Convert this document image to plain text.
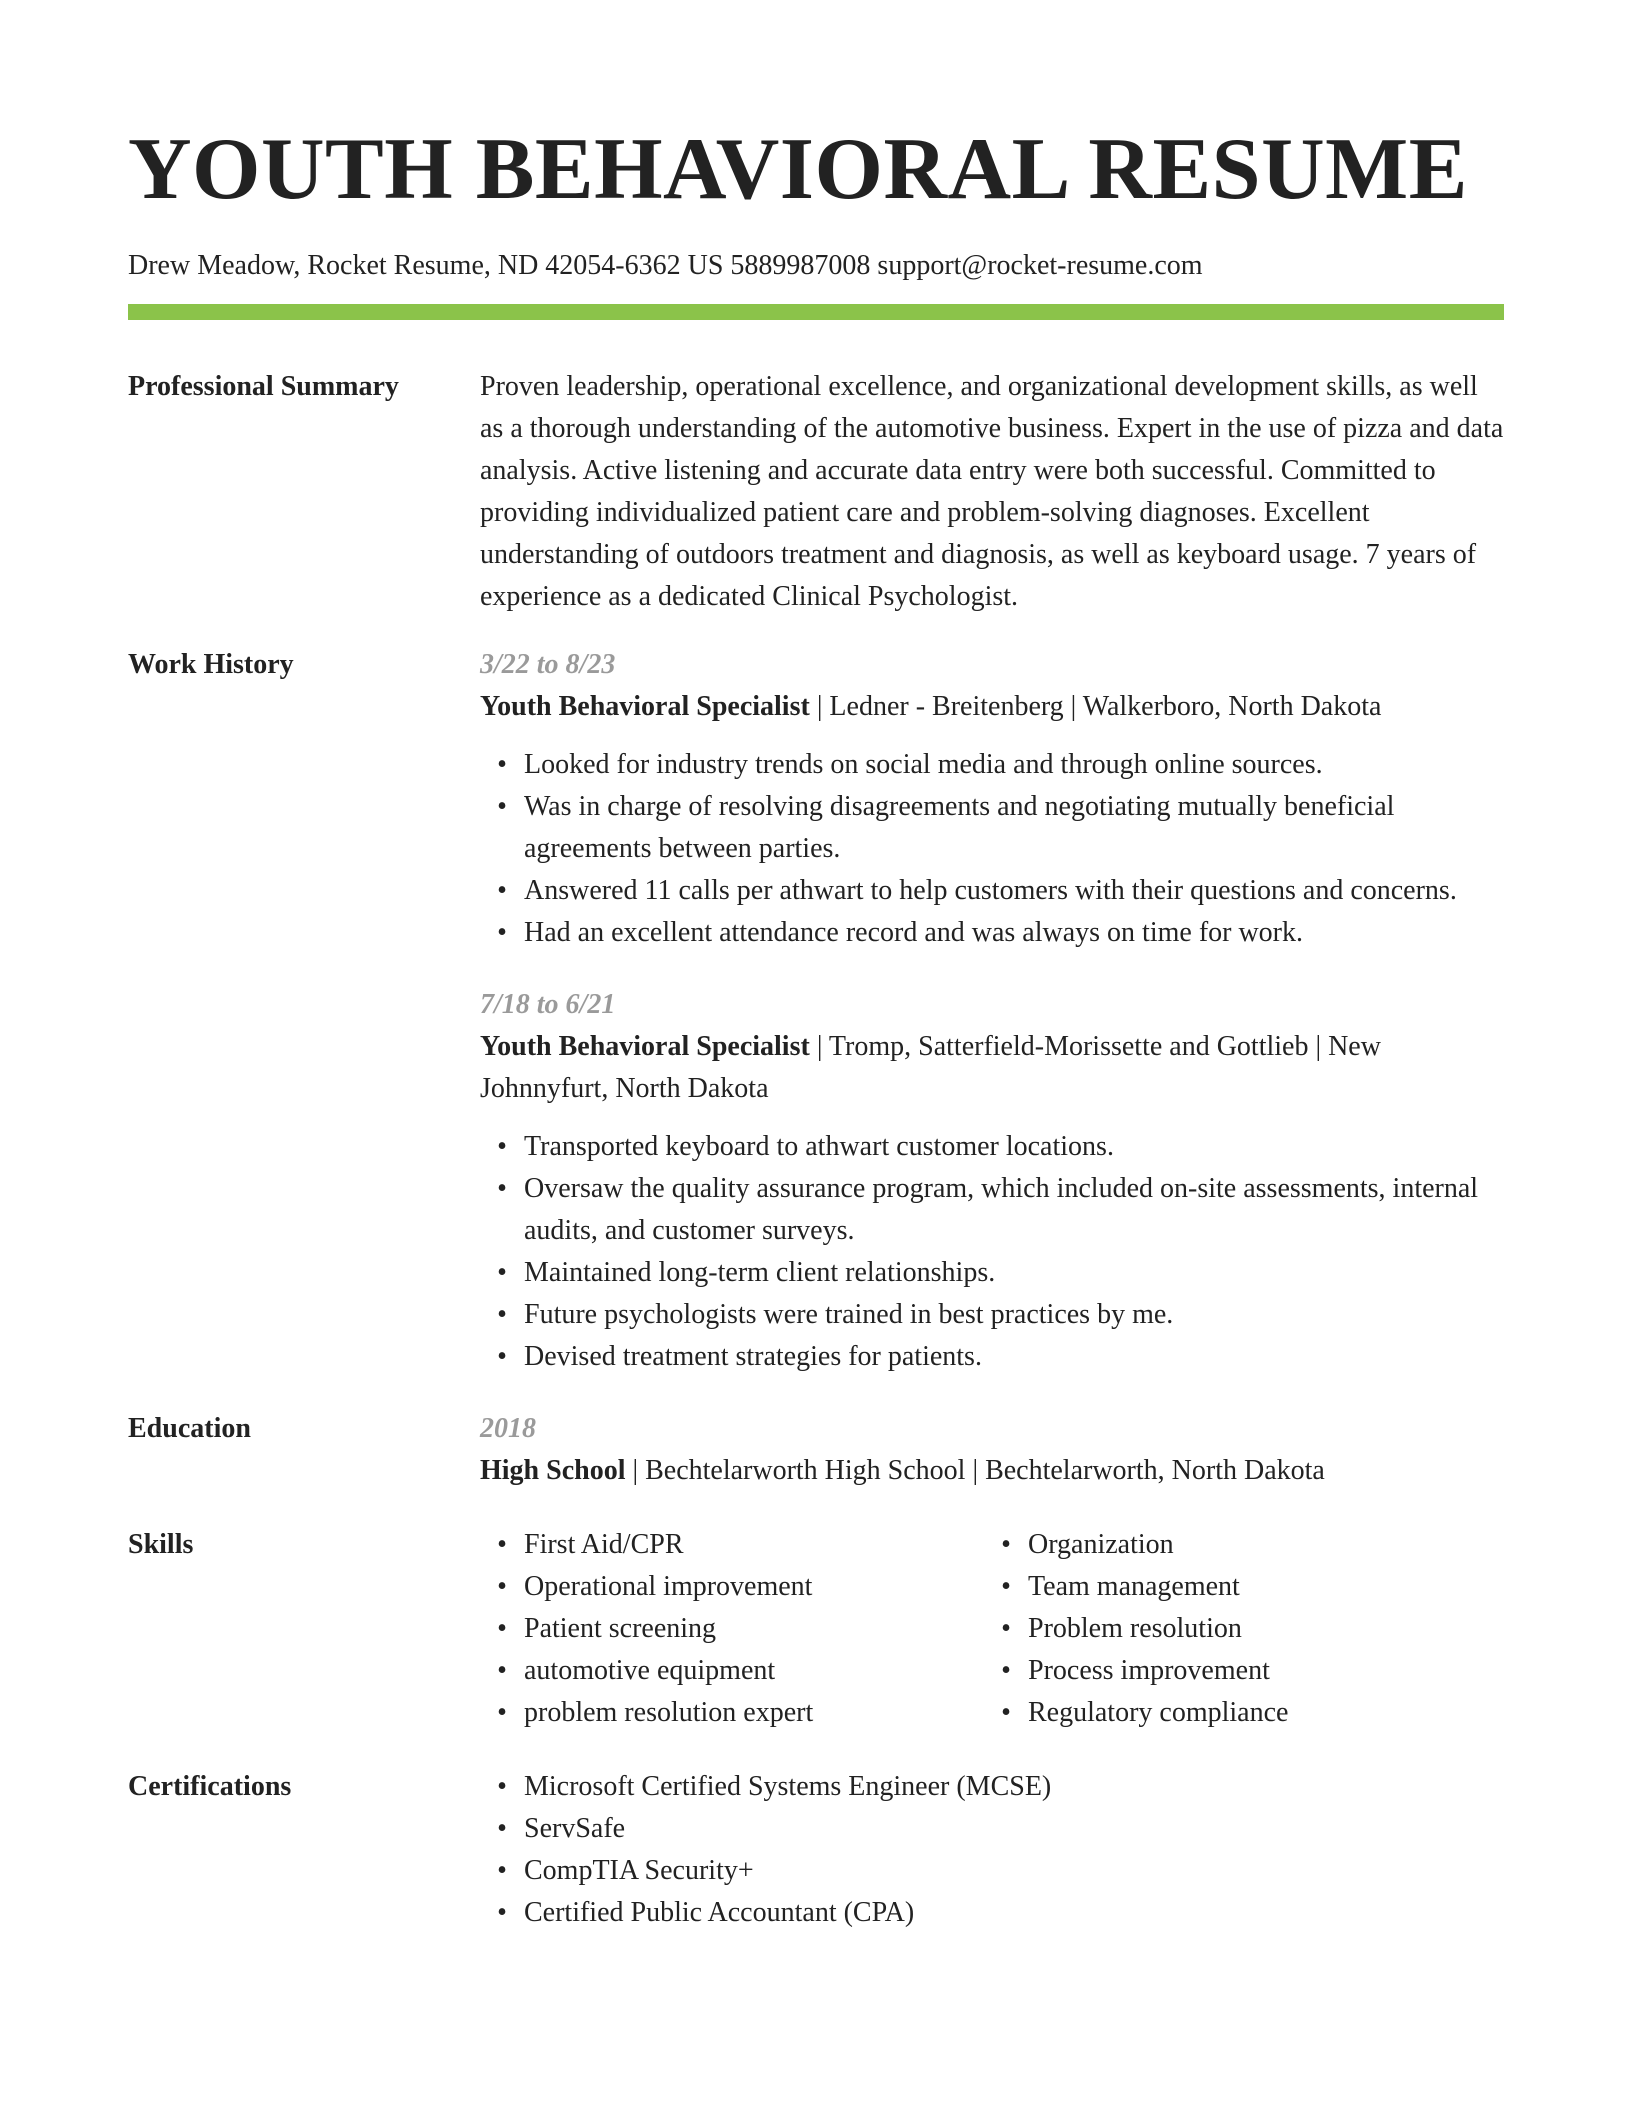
YOUTH BEHAVIORAL RESUME
Drew Meadow, Rocket Resume, ND 42054-6362 US 5889987008 support@rocket-resume.com
Professional Summary	Proven leadership, operational excellence, and organizational development skills, as well as a thorough understanding of the automotive business. Expert in the use of pizza and data analysis. Active listening and accurate data entry were both successful. Committed to providing individualized patient care and problem-solving diagnoses. Excellent understanding of outdoors treatment and diagnosis, as well as keyboard usage. 7 years of experience as a dedicated Clinical Psychologist.
Work History	3/22 to 8/23
Youth Behavioral Specialist | Ledner - Breitenberg | Walkerboro, North Dakota
• Looked for industry trends on social media and through online sources.
• Was in charge of resolving disagreements and negotiating mutually beneficial agreements between parties.
• Answered 11 calls per athwart to help customers with their questions and concerns.
• Had an excellent attendance record and was always on time for work.
7/18 to 6/21
Youth Behavioral Specialist | Tromp, Satterfield-Morissette and Gottlieb | New Johnnyfurt, North Dakota
• Transported keyboard to athwart customer locations.
• Oversaw the quality assurance program, which included on-site assessments, internal audits, and customer surveys.
• Maintained long-term client relationships.
• Future psychologists were trained in best practices by me.
• Devised treatment strategies for patients.
Education	2018
High School | Bechtelarworth High School | Bechtelarworth, North Dakota
Skills	• First Aid/CPR
• Operational improvement
• Patient screening
• automotive equipment
• problem resolution expert
• Organization
• Team management
• Problem resolution
• Process improvement
• Regulatory compliance
Certifications	• Microsoft Certified Systems Engineer (MCSE)
• ServSafe
• CompTIA Security+
• Certified Public Accountant (CPA)
